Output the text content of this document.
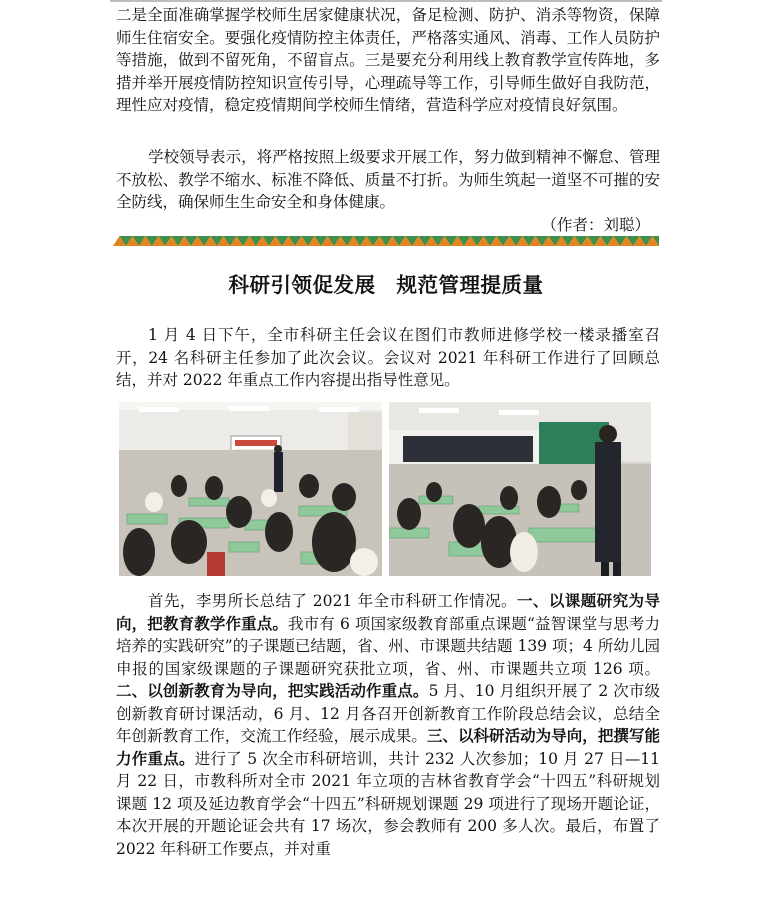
二是全面准确掌握学校师生居家健康状况，备足检测、防护、消杀等物资，保障师生住宿安全。要强化疫情防控主体责任，严格落实通风、消毒、工作人员防护等措施，做到不留死角，不留盲点。三是要充分利用线上教育教学宣传阵地，多措并举开展疫情防控知识宣传引导，心理疏导等工作，引导师生做好自我防范，理性应对疫情，稳定疫情期间学校师生情绪，营造科学应对疫情良好氛围。

学校领导表示，将严格按照上级要求开展工作，努力做到精神不懈怠、管理不放松、教学不缩水、标准不降低、质量不打折。为师生筑起一道坚不可摧的安全防线，确保师生生命安全和身体健康。

（作者：刘聪）
科研引领促发展　规范管理提质量

1 月 4 日下午，全市科研主任会议在图们市教师进修学校一楼录播室召开，24 名科研主任参加了此次会议。会议对 2021 年科研工作进行了回顾总结，并对 2022 年重点工作内容提出指导性意见。

首先，李男所长总结了 2021 年全市科研工作情况。一、以课题研究为导向，把教育教学作重点。我市有 6 项国家级教育部重点课题“益智课堂与思考力培养的实践研究”的子课题已结题，省、州、市课题共结题 139 项；4 所幼儿园申报的国家级课题的子课题研究获批立项，省、州、市课题共立项 126 项。二、以创新教育为导向，把实践活动作重点。5 月、10 月组织开展了 2 次市级创新教育研讨课活动，6 月、12 月各召开创新教育工作阶段总结会议，总结全年创新教育工作，交流工作经验，展示成果。三、以科研活动为导向，把撰写能力作重点。进行了 5 次全市科研培训，共计 232 人次参加；10 月 27 日—11 月 22 日，市教科所对全市 2021 年立项的吉林省教育学会“十四五”科研规划课题 12 项及延边教育学会“十四五”科研规划课题 29 项进行了现场开题论证，本次开展的开题论证会共有 17 场次，参会教师有 200 多人次。最后，布置了 2022 年科研工作要点，并对重
